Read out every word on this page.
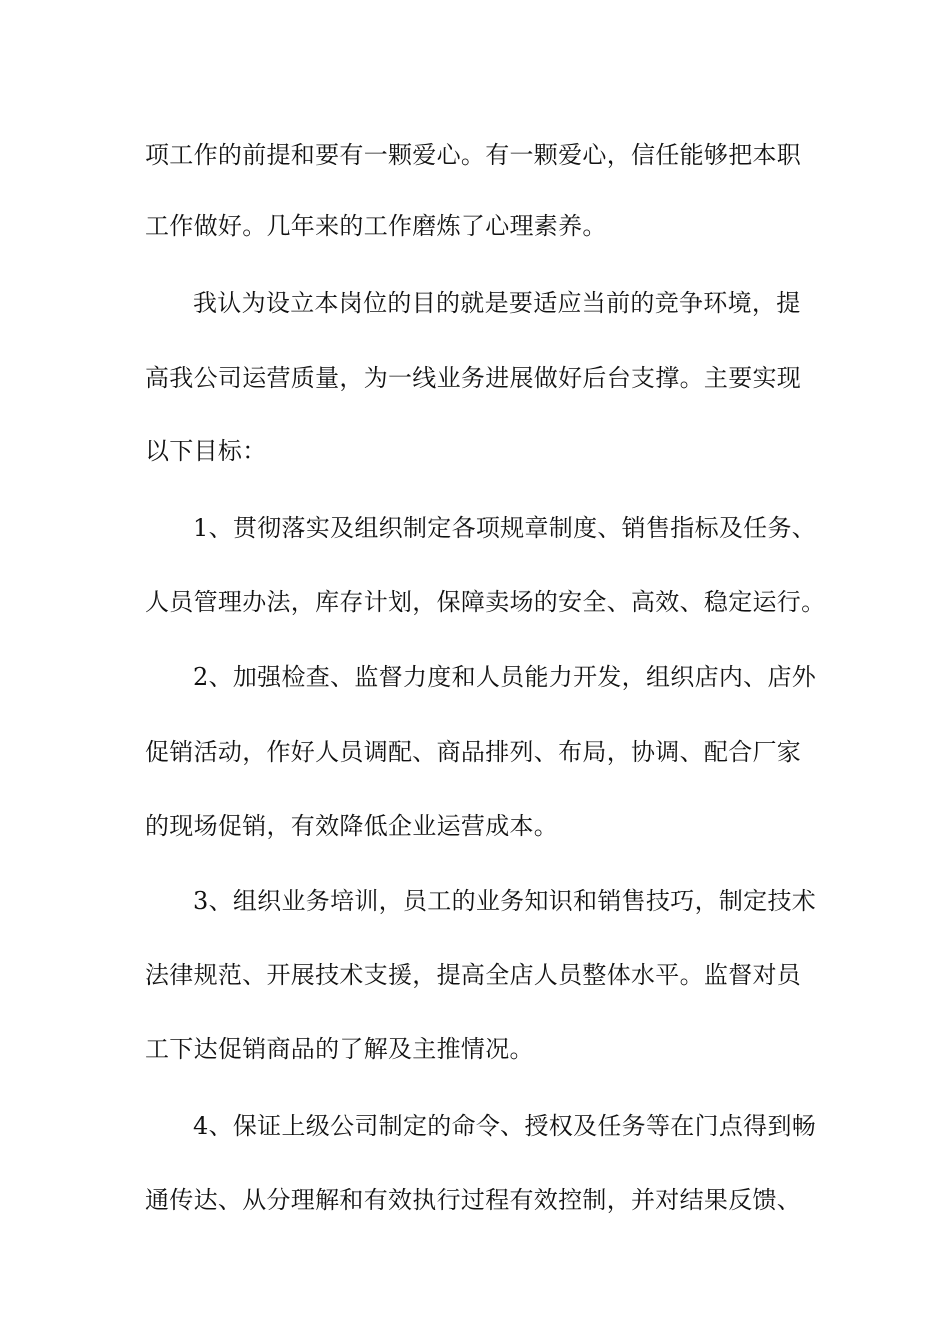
项工作的前提和要有一颗爱心。有一颗爱心，信任能够把本职
工作做好。几年来的工作磨炼了心理素养。
我认为设立本岗位的目的就是要适应当前的竞争环境，提
高我公司运营质量，为一线业务进展做好后台支撑。主要实现
以下目标：
1、贯彻落实及组织制定各项规章制度、销售指标及任务、
人员管理办法，库存计划，保障卖场的安全、高效、稳定运行。
2、加强检查、监督力度和人员能力开发，组织店内、店外
促销活动，作好人员调配、商品排列、布局，协调、配合厂家
的现场促销，有效降低企业运营成本。
3、组织业务培训，员工的业务知识和销售技巧，制定技术
法律规范、开展技术支援，提高全店人员整体水平。监督对员
工下达促销商品的了解及主推情况。
4、保证上级公司制定的命令、授权及任务等在门点得到畅
通传达、从分理解和有效执行过程有效控制，并对结果反馈、
